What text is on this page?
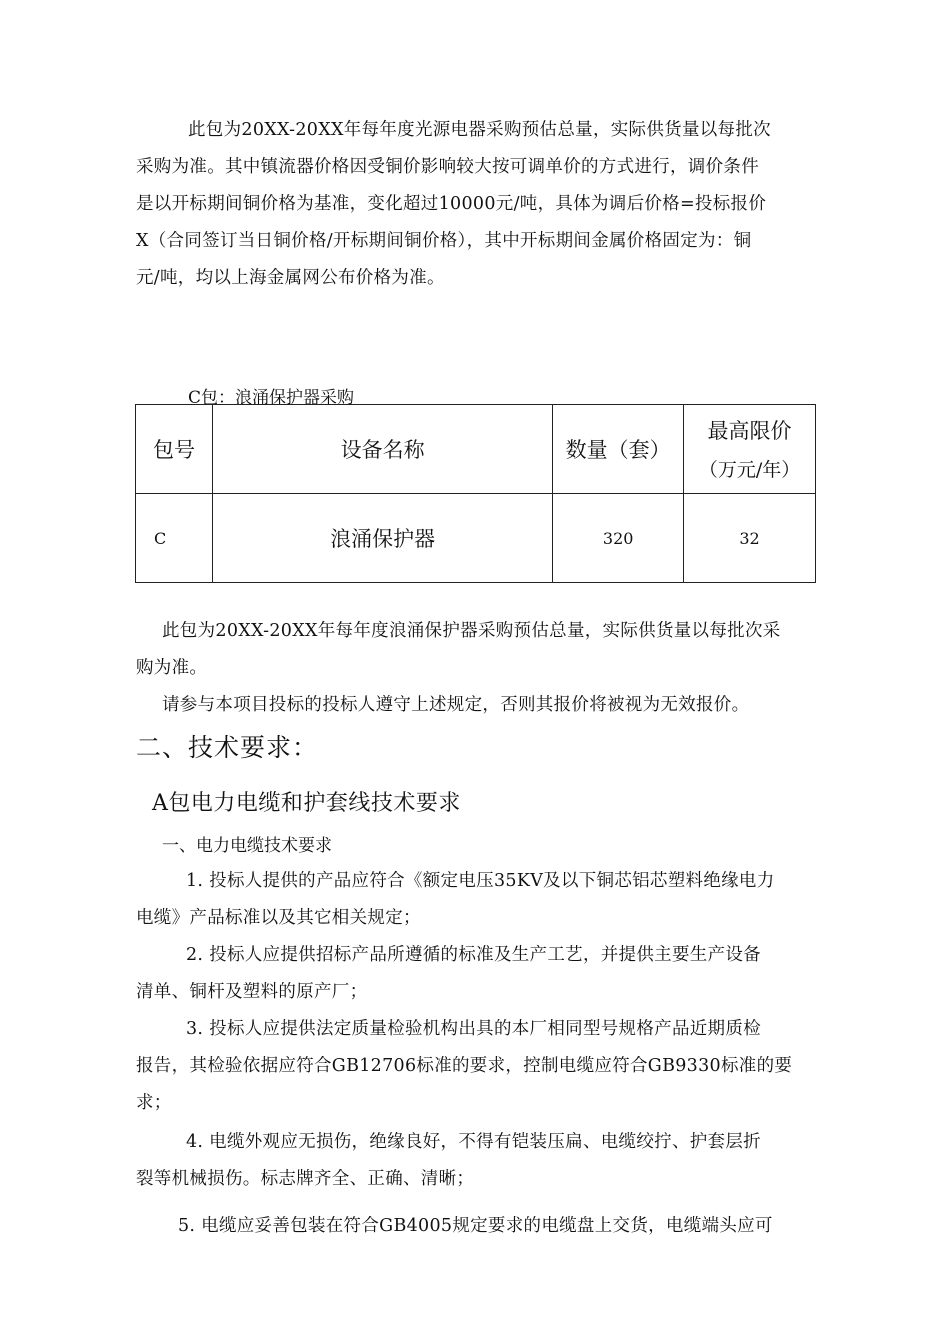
此包为20XX-20XX年每年度光源电器采购预估总量，实际供货量以每批次
采购为准。其中镇流器价格因受铜价影响较大按可调单价的方式进行，调价条件
是以开标期间铜价格为基准，变化超过10000元/吨，具体为调后价格=投标报价
X（合同签订当日铜价格/开标期间铜价格），其中开标期间金属价格固定为：铜
元/吨，均以上海金属网公布价格为准。
C包：浪涌保护器采购
包号	设备名称	数量（套）	最高限价
（万元/年）

C	浪涌保护器	320	32
此包为20XX-20XX年每年度浪涌保护器采购预估总量，实际供货量以每批次采
购为准。
请参与本项目投标的投标人遵守上述规定，否则其报价将被视为无效报价。
二、技术要求：
A包电力电缆和护套线技术要求
一、电力电缆技术要求
1. 投标人提供的产品应符合《额定电压35KV及以下铜芯铝芯塑料绝缘电力
电缆》产品标准以及其它相关规定；
2. 投标人应提供招标产品所遵循的标准及生产工艺，并提供主要生产设备
清单、铜杆及塑料的原产厂；
3. 投标人应提供法定质量检验机构出具的本厂相同型号规格产品近期质检
报告，其检验依据应符合GB12706标准的要求，控制电缆应符合GB9330标准的要
求；
4. 电缆外观应无损伤，绝缘良好，不得有铠装压扁、电缆绞拧、护套层折
裂等机械损伤。标志牌齐全、正确、清晰；
5. 电缆应妥善包装在符合GB4005规定要求的电缆盘上交货，电缆端头应可
